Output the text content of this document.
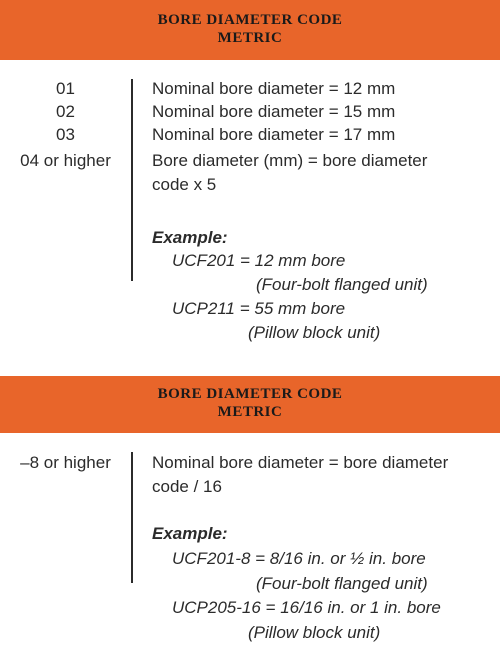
BORE DIAMETER CODE
METRIC
01	Nominal bore diameter = 12 mm
02	Nominal bore diameter = 15 mm
03	Nominal bore diameter = 17 mm
04 or higher	Bore diameter (mm) = bore diameter
code x 5
Example:
UCF201 = 12 mm bore
(Four-bolt flanged unit)
UCP211 = 55 mm bore
(Pillow block unit)
BORE DIAMETER CODE
METRIC
–8 or higher	Nominal bore diameter = bore diameter
code / 16
Example:
UCF201-8 = 8/16 in. or ½ in. bore
(Four-bolt flanged unit)
UCP205-16 = 16/16 in. or 1 in. bore
(Pillow block unit)
